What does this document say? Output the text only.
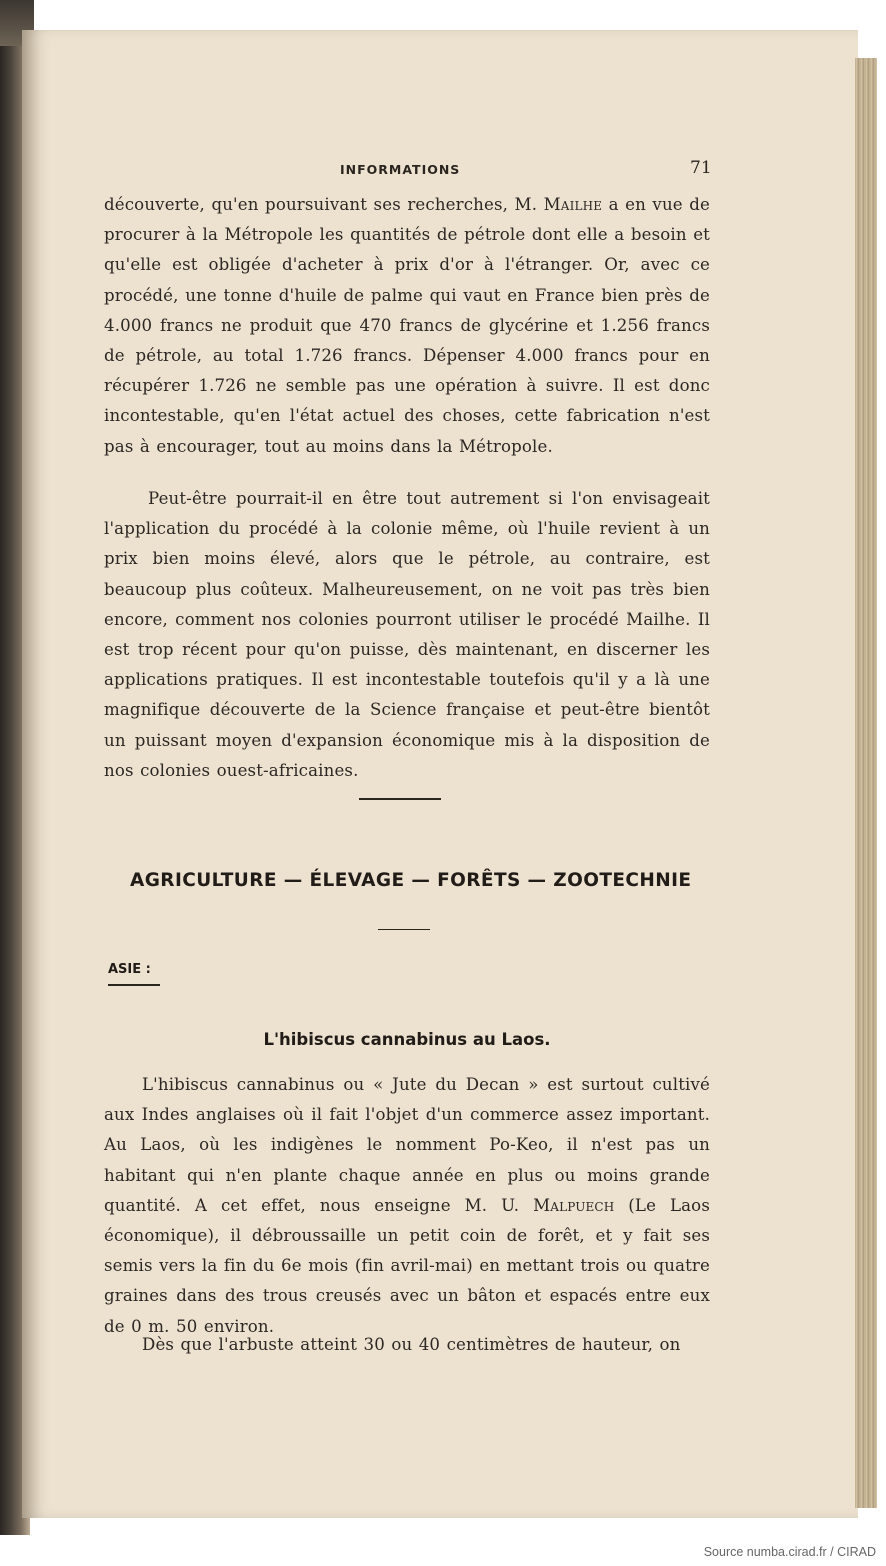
INFORMATIONS	71
découverte, qu'en poursuivant ses recherches, M. Mailhe a en vue de procurer à la Métropole les quantités de pétrole dont elle a besoin et qu'elle est obligée d'acheter à prix d'or à l'étranger. Or, avec ce procédé, une tonne d'huile de palme qui vaut en France bien près de 4.000 francs ne produit que 470 francs de glycérine et 1.256 francs de pétrole, au total 1.726 francs. Dépenser 4.000 francs pour en récupérer 1.726 ne semble pas une opération à suivre. Il est donc incontestable, qu'en l'état actuel des choses, cette fabrication n'est pas à encourager, tout au moins dans la Métropole.
Peut-être pourrait-il en être tout autrement si l'on envisageait l'application du procédé à la colonie même, où l'huile revient à un prix bien moins élevé, alors que le pétrole, au contraire, est beaucoup plus coûteux. Malheureusement, on ne voit pas très bien encore, comment nos colonies pourront utiliser le procédé Mailhe. Il est trop récent pour qu'on puisse, dès maintenant, en discerner les applications pratiques. Il est incontestable toutefois qu'il y a là une magnifique découverte de la Science française et peut-être bientôt un puissant moyen d'expansion économique mis à la disposition de nos colonies ouest-africaines.
AGRICULTURE — ÉLEVAGE — FORÊTS — ZOOTECHNIE
ASIE :
L'hibiscus cannabinus au Laos.
L'hibiscus cannabinus ou « Jute du Decan » est surtout cultivé aux Indes anglaises où il fait l'objet d'un commerce assez important. Au Laos, où les indigènes le nomment Po-Keo, il n'est pas un habitant qui n'en plante chaque année en plus ou moins grande quantité. A cet effet, nous enseigne M. U. Malpuech (Le Laos économique), il débroussaille un petit coin de forêt, et y fait ses semis vers la fin du 6e mois (fin avril-mai) en mettant trois ou quatre graines dans des trous creusés avec un bâton et espacés entre eux de 0 m. 50 environ.
Dès que l'arbuste atteint 30 ou 40 centimètres de hauteur, on
Source numba.cirad.fr / CIRAD
